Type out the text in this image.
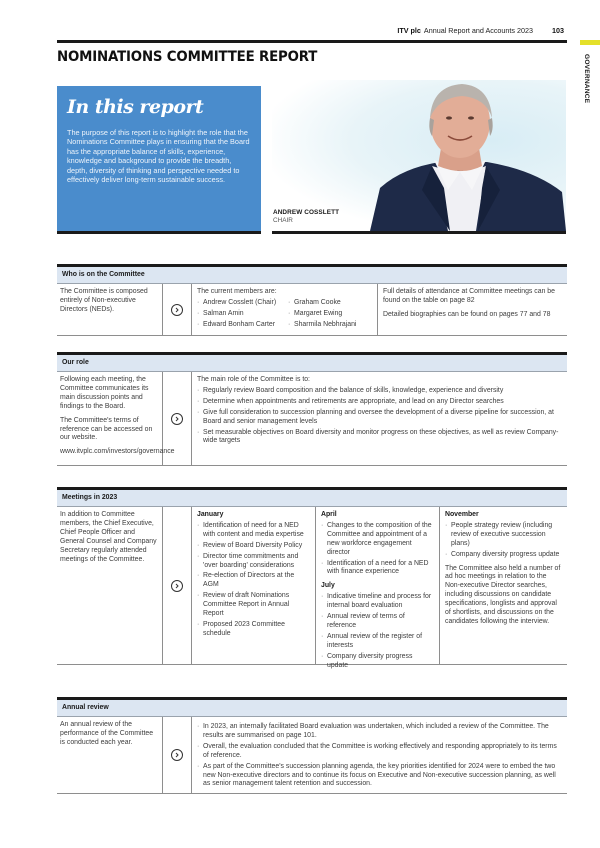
ITV plc Annual Report and Accounts 2023	103
GOVERNANCE
NOMINATIONS COMMITTEE REPORT
In this report

The purpose of this report is to highlight the role that the Nominations Committee plays in ensuring that the Board has the appropriate balance of skills, experience, knowledge and background to provide the breadth, depth, diversity of thinking and perspective needed to effectively deliver long-term sustainable success.

ANDREW COSSLETT
CHAIR
Who is on the Committee

The Committee is composed entirely of Non-executive Directors (NEDs).

The current members are:
· Andrew Cosslett (Chair)
· Salman Amin
· Edward Bonham Carter
· Graham Cooke
· Margaret Ewing
· Sharmila Nebhrajani

Full details of attendance at Committee meetings can be found on the table on page 82

Detailed biographies can be found on pages 77 and 78

Our role

Following each meeting, the Committee communicates its main discussion points and findings to the Board.

The Committee's terms of reference can be accessed on our website.

www.itvplc.com/investors/governance

The main role of the Committee is to:
· Regularly review Board composition and the balance of skills, knowledge, experience and diversity
· Determine when appointments and retirements are appropriate, and lead on any Director searches
· Give full consideration to succession planning and oversee the development of a diverse pipeline for succession, at Board and senior management levels
· Set measurable objectives on Board diversity and monitor progress on these objectives, as well as review Company-wide targets
Meetings in 2023

In addition to Committee members, the Chief Executive, Chief People Officer and General Counsel and Company Secretary regularly attended meetings of the Committee.

January
· Identification of need for a NED with content and media expertise
· Review of Board Diversity Policy
· Director time commitments and 'over boarding' considerations
· Re-election of Directors at the AGM
· Review of draft Nominations Committee Report in Annual Report
· Proposed 2023 Committee schedule
April
· Changes to the composition of the Committee and appointment of a new workforce engagement director
· Identification of a need for a NED with finance experience
July
· Indicative timeline and process for internal board evaluation
· Annual review of terms of reference
· Annual review of the register of interests
· Company diversity progress update
November
· People strategy review (including review of executive succession plans)
· Company diversity progress update

The Committee also held a number of ad hoc meetings in relation to the Non-executive Director searches, including discussions on candidate specifications, longlists and approval of shortlists, and discussions on the candidates following the interview.

Annual review

An annual review of the performance of the Committee is conducted each year.

· In 2023, an internally facilitated Board evaluation was undertaken, which included a review of the Committee. The results are summarised on page 101.
· Overall, the evaluation concluded that the Committee is working effectively and responding appropriately to its terms of reference.
· As part of the Committee's succession planning agenda, the key priorities identified for 2024 were to embed the two new Non-executive directors and to continue its focus on Executive and Non-executive succession planning, as well as senior management talent retention and succession.
